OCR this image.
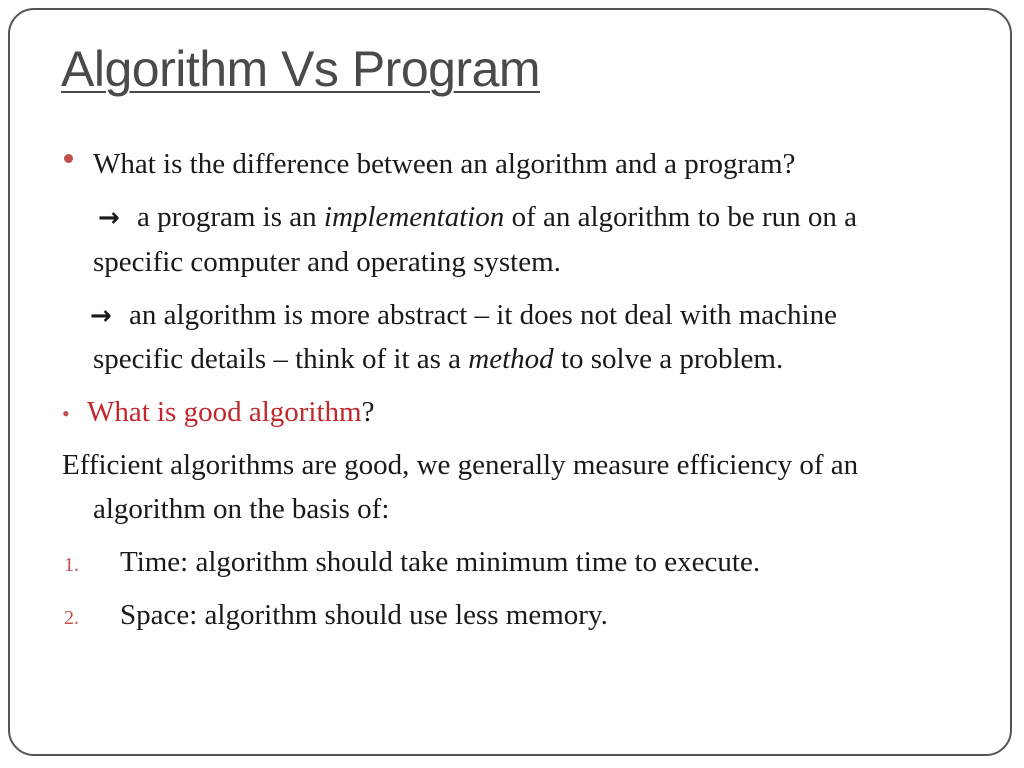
Algorithm Vs Program
What is the difference between an algorithm and a program?
→ a program is an implementation of an algorithm to be run on a
specific computer and operating system.
→ an algorithm is more abstract – it does not deal with machine
specific details – think of it as a method to solve a problem.
• What is good algorithm?
Efficient algorithms are good, we generally measure efficiency of an
algorithm on the basis of:
1. Time: algorithm should take minimum time to execute.
2. Space: algorithm should use less memory.
